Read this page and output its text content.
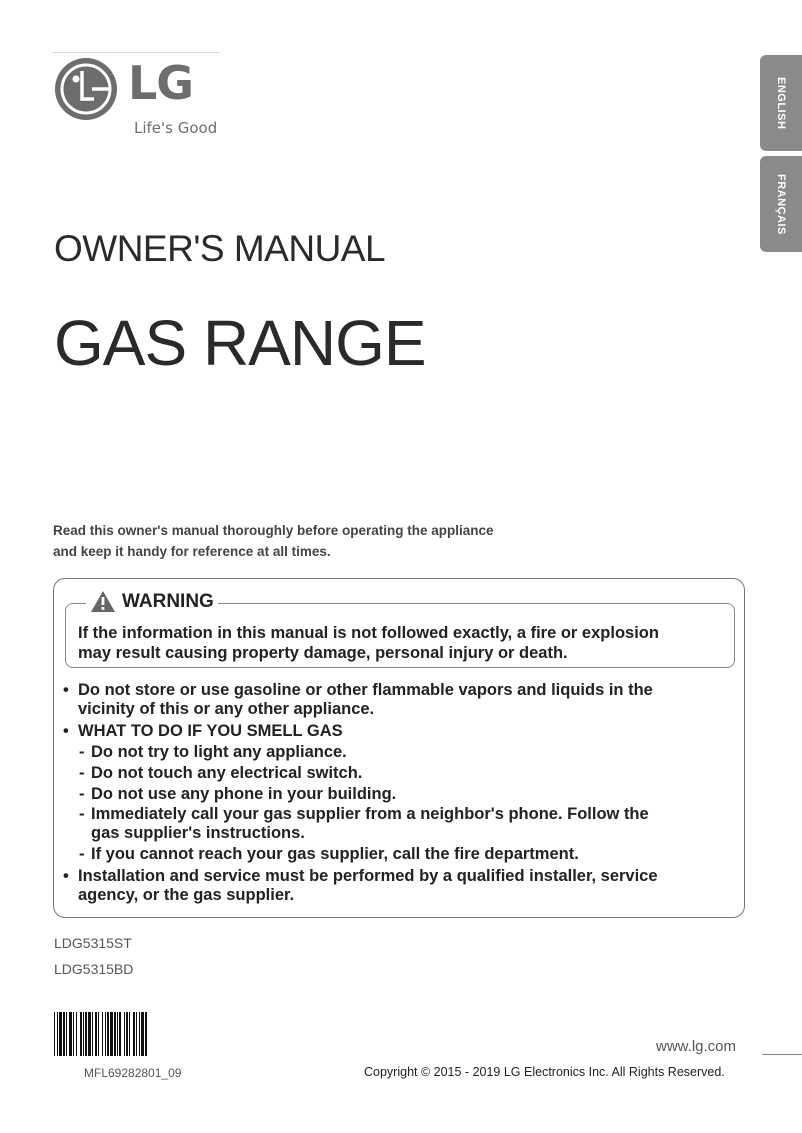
LG
Life's Good	ENGLISH
FRANÇAIS
OWNER'S MANUAL
GAS RANGE
Read this owner's manual thoroughly before operating the appliance
and keep it handy for reference at all times.
WARNING
If the information in this manual is not followed exactly, a fire or explosion
may result causing property damage, personal injury or death.
• Do not store or use gasoline or other flammable vapors and liquids in the
vicinity of this or any other appliance.
• WHAT TO DO IF YOU SMELL GAS
- Do not try to light any appliance.
- Do not touch any electrical switch.
- Do not use any phone in your building.
- Immediately call your gas supplier from a neighbor's phone. Follow the
gas supplier's instructions.
- If you cannot reach your gas supplier, call the fire department.
• Installation and service must be performed by a qualified installer, service
agency, or the gas supplier.
LDG5315ST
LDG5315BD
MFL69282801_09
www.lg.com
Copyright © 2015 - 2019 LG Electronics Inc. All Rights Reserved.
